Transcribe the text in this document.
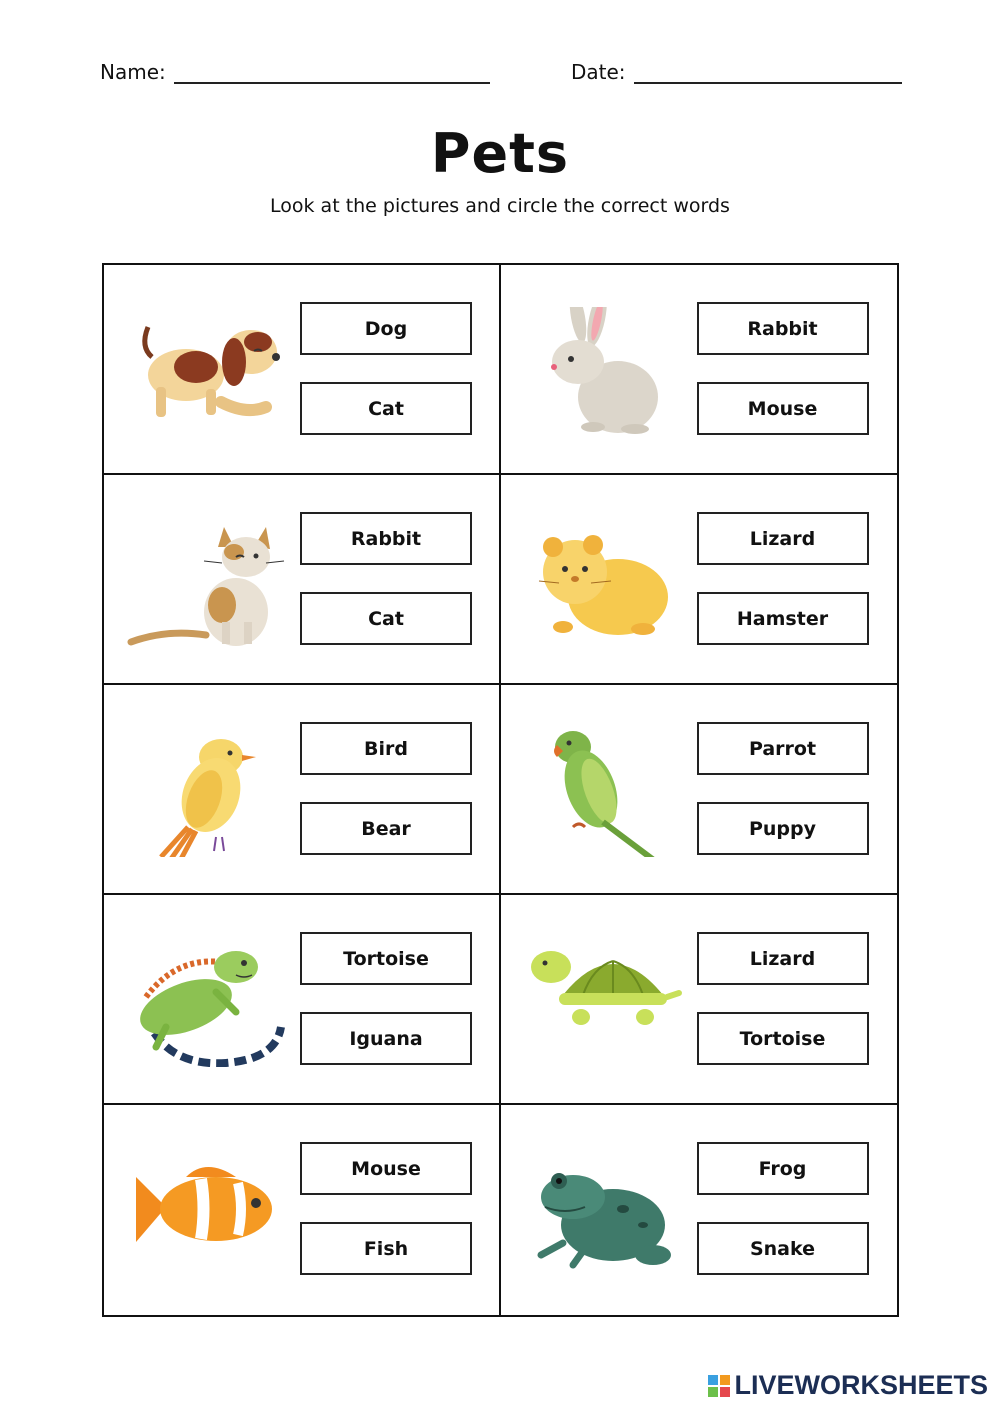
Name:	Date:
Pets
Look at the pictures and circle the correct words
Dog
Cat
Rabbit
Mouse
Rabbit
Cat
Lizard
Hamster
Bird
Bear
Parrot
Puppy
Tortoise
Iguana
Lizard
Tortoise
Mouse
Fish
Frog
Snake
LIVEWORKSHEETS
